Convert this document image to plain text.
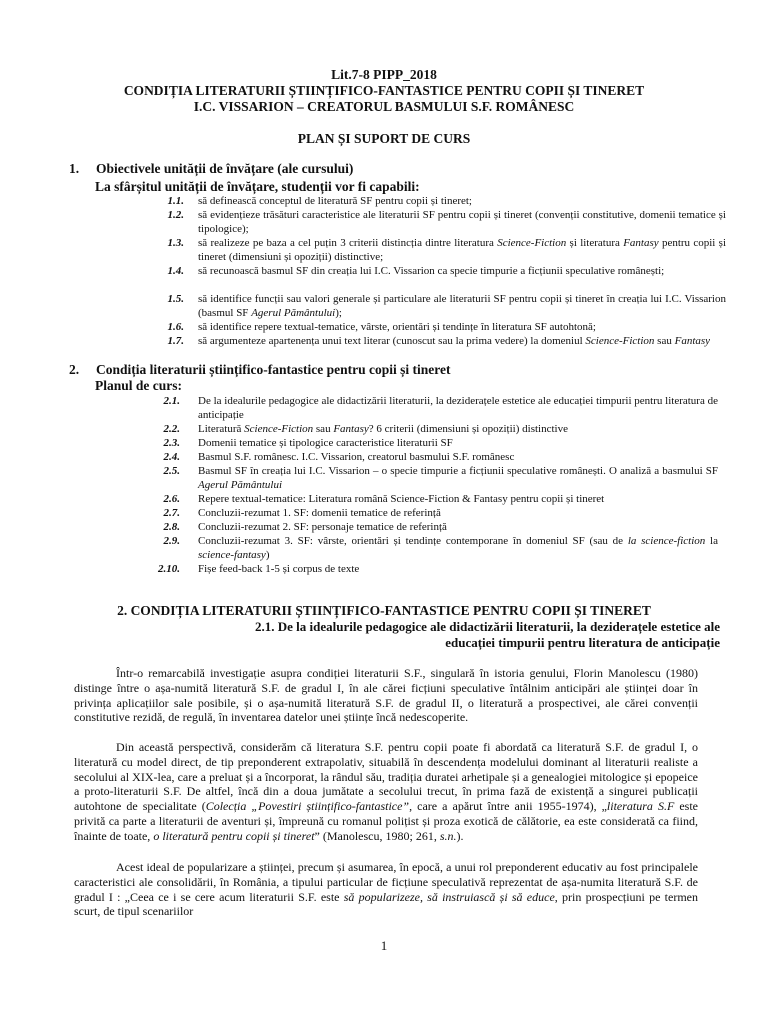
Lit.7-8 PIPP_2018
CONDIȚIA LITERATURII ȘTIINȚIFICO-FANTASTICE PENTRU COPII ȘI TINERET
I.C. VISSARION – CREATORUL BASMULUI S.F. ROMÂNESC
PLAN ȘI SUPORT DE CURS
1. Obiectivele unității de învățare (ale cursului)
La sfârșitul unității de învățare, studenții vor fi capabili:
1.1. să definească conceptul de literatură SF pentru copii și tineret;
1.2. să evidențieze trăsături caracteristice ale literaturii SF pentru copii și tineret (convenții constitutive, domenii tematice și tipologice);
1.3. să realizeze pe baza a cel puțin 3 criterii distincția dintre literatura Science-Fiction și literatura Fantasy pentru copii și tineret (dimensiuni și opoziții) distinctive;
1.4. să recunoască basmul SF din creația lui I.C. Vissarion ca specie timpurie a ficțiunii speculative românești;
1.5. să identifice funcții sau valori generale și particulare ale literaturii SF pentru copii și tineret în creația lui I.C. Vissarion (basmul SF Agerul Pământului);
1.6. să identifice repere textual-tematice, vârste, orientări și tendințe în literatura SF autohtonă;
1.7. să argumenteze apartenența unui text literar (cunoscut sau la prima vedere) la domeniul Science-Fiction sau Fantasy
2. Condiția literaturii științifico-fantastice pentru copii și tineret
Planul de curs:
2.1. De la idealurile pedagogice ale didactizării literaturii, la deziderațele estetice ale educației timpurii pentru literatura de anticipație
2.2. Literatură Science-Fiction sau Fantasy? 6 criterii (dimensiuni și opoziții) distinctive
2.3. Domenii tematice și tipologice caracteristice literaturii SF
2.4. Basmul S.F. românesc. I.C. Vissarion, creatorul basmului S.F. românesc
2.5. Basmul SF în creația lui I.C. Vissarion – o specie timpurie a ficțiunii speculative românești. O analiză a basmului SF Agerul Pământului
2.6. Repere textual-tematice: Literatura română Science-Fiction & Fantasy pentru copii și tineret
2.7. Concluzii-rezumat 1. SF: domenii tematice de referință
2.8. Concluzii-rezumat 2. SF: personaje tematice de referință
2.9. Concluzii-rezumat 3. SF: vârste, orientări și tendințe contemporane în domeniul SF (sau de la science-fiction la science-fantasy)
2.10. Fișe feed-back 1-5 și corpus de texte
2. CONDIȚIA LITERATURII ȘTIINȚIFICO-FANTASTICE PENTRU COPII ȘI TINERET
2.1. De la idealurile pedagogice ale didactizării literaturii, la deziderațele estetice ale
educației timpurii pentru literatura de anticipație
Într-o remarcabilă investigație asupra condiției literaturii S.F., singulară în istoria genului, Florin Manolescu (1980) distinge între o așa-numită literatură S.F. de gradul I, în ale cărei ficțiuni speculative întâlnim anticipări ale științei doar în privința aplicațiilor sale posibile, și o așa-numită literatură S.F. de gradul II, o literatură a prospectivei, ale cărei convenții constitutive rezidă, de regulă, în inventarea datelor unei științe încă nedescoperite.
Din această perspectivă, considerăm că literatura S.F. pentru copii poate fi abordată ca literatură S.F. de gradul I, o literatură cu model direct, de tip preponderent extrapolativ, situabilă în descendența modelului dominant al literaturii realiste a secolului al XIX-lea, care a preluat și a încorporat, la rândul său, tradiția duratei arhetipale și a genealogiei mitologice și epopeice a proto-literaturii S.F. De altfel, încă din a doua jumătate a secolului trecut, în prima fază de existență a singurei publicații autohtone de specialitate (Colecția „Povestiri științifico-fantastice”, care a apărut între anii 1955-1974), „literatura S.F este privită ca parte a literaturii de aventuri și, împreună cu romanul polițist și proza exotică de călătorie, ea este considerată ca fiind, înainte de toate, o literatură pentru copii și tineret” (Manolescu, 1980; 261, s.n.).
Acest ideal de popularizare a științei, precum și asumarea, în epocă, a unui rol preponderent educativ au fost principalele caracteristici ale consolidării, în România, a tipului particular de ficțiune speculativă reprezentat de așa-numita literatură S.F. de gradul I : „Ceea ce i se cere acum literaturii S.F. este să popularizeze, să instruiască și să educe, prin prospecțiuni pe termen scurt, de tipul scenariilor
1
